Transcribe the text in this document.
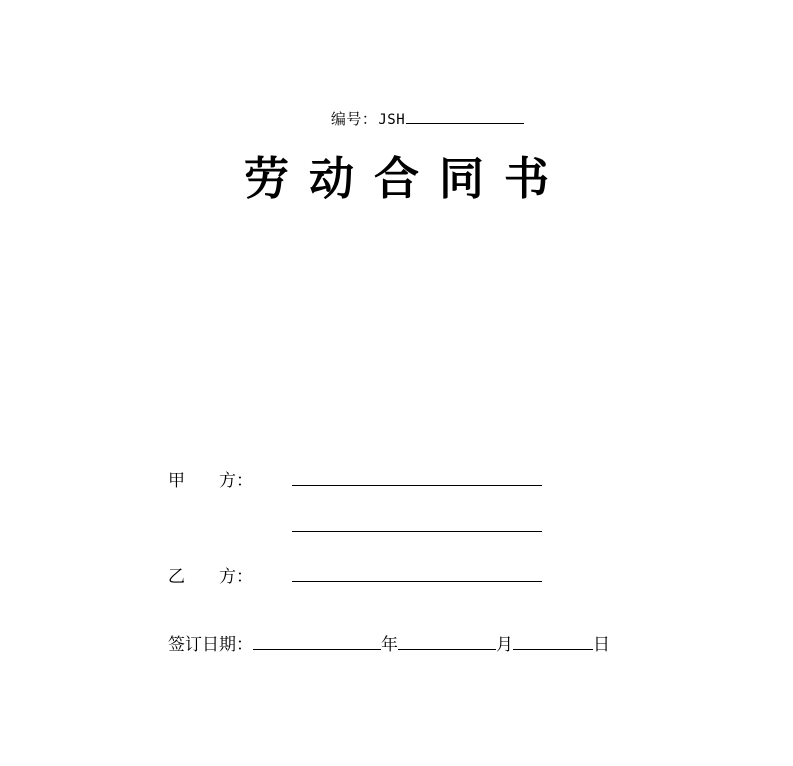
编号： JSH
劳动合同书
甲　　方：
乙　　方：
签订日期：	年	月	日
